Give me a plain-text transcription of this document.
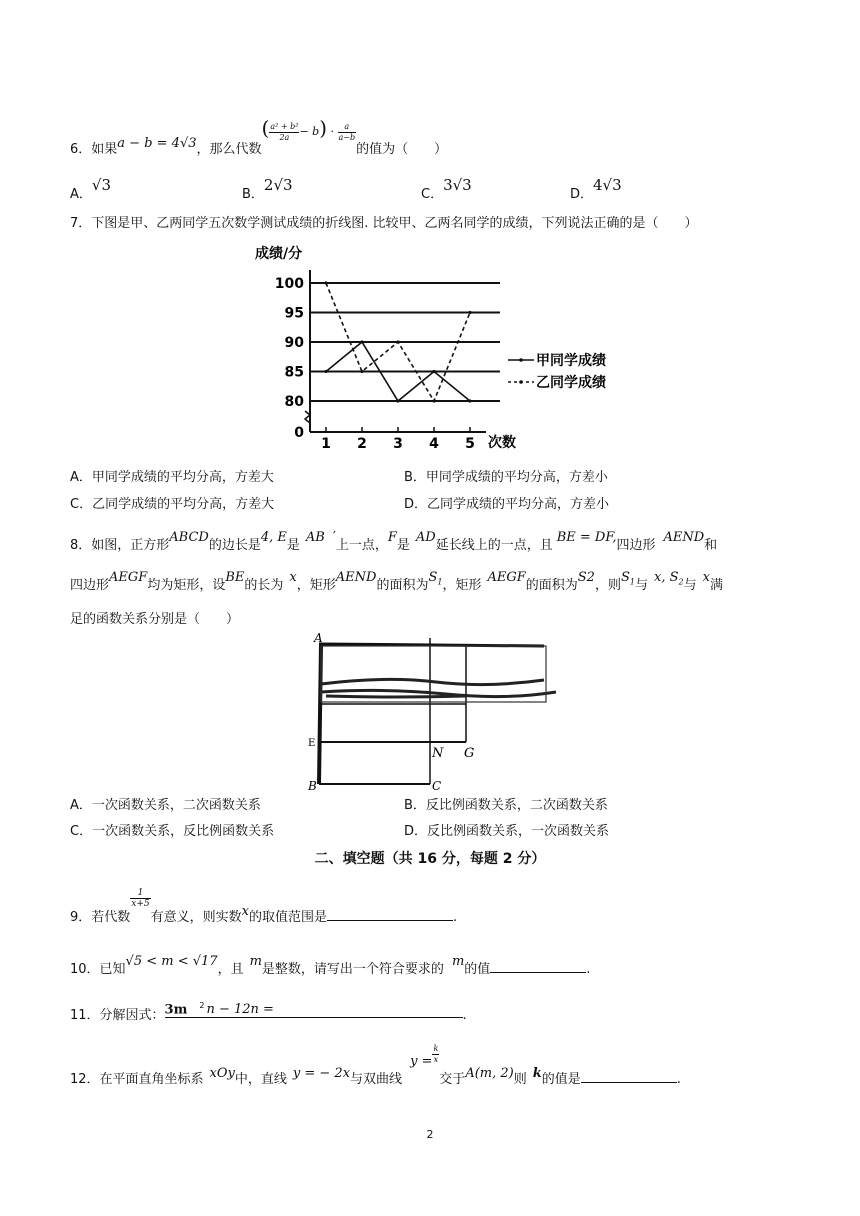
6．如果a − b = 4√3，那么代数( $\frac{\text{a² + b²}}{2a} - b) \cdot \frac{a}{a-b}$
的值为（　　）
A．√3
B．2√3
C．3√3
D．4√3
7．下图是甲、乙两同学五次数学测试成绩的折线图. 比较甲、乙两名同学的成绩，下列说法正确的是（　　）
成绩/分
次数
100
95
90
85
80
0
1 2 3 4 5
甲同学成绩
乙同学成绩
A．甲同学成绩的平均分高，方差大	B．甲同学成绩的平均分高，方差小
C．乙同学成绩的平均分高，方差大	D．乙同学成绩的平均分高，方差小
8．如图，正方形ABCD的边长是4, E是AB ′上一点，F是AD延长线上的一点，且BE = DF,四边形AEND和
四边形AEGF均为矩形，设BE的长为x，矩形AEND的面积为$S_1$，矩形AEGF的面积为S2，则$S_1$与x, $S_2$与x满
足的函数关系分别是（　　）
A
E
N G
B	C
A．一次函数关系，二次函数关系	B．反比例函数关系，二次函数关系
C．一次函数关系，反比例函数关系	D．反比例函数关系，一次函数关系
二、填空题（共 16 分，每题 2 分）
9．若代数
$\frac{1}{x+5}$
有意义，则实数x的取值范围是	.
10．已知√5 < m < √17，且m是整数，请写出一个符合要求的m的值	.
11．分解因式：3m $^2$ n − 12n =	.
12．在平面直角坐标系 xOy中，直线 y = − 2x与双曲线$y = \frac{k}{x}$
交于A(m, 2)则 k的值是	.
2
